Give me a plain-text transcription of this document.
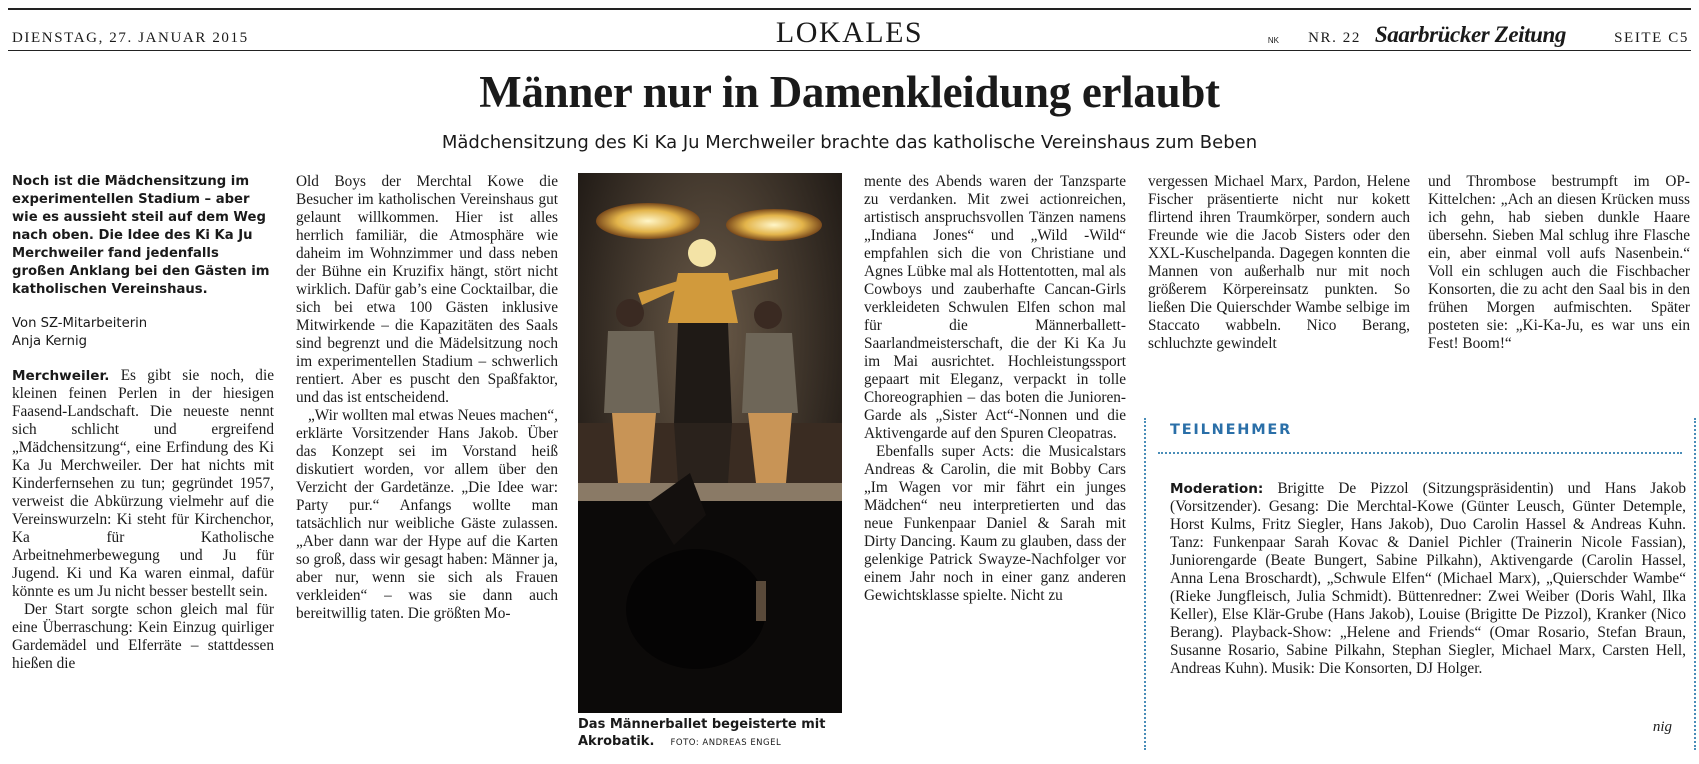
DIENSTAG, 27. JANUAR 2015	LOKALES	NK NR. 22 Saarbrücker Zeitung	SEITE C5
Männer nur in Damenkleidung erlaubt

Mädchensitzung des Ki Ka Ju Merchweiler brachte das katholische Vereinshaus zum Beben

Noch ist die Mädchensitzung im experimentellen Stadium – aber wie es aussieht steil auf dem Weg nach oben. Die Idee des Ki Ka Ju Merchweiler fand jedenfalls großen Anklang bei den Gästen im katholischen Vereinshaus.

Von SZ-Mitarbeiterin
Anja Kernig

Merchweiler. Es gibt sie noch, die kleinen feinen Perlen in der hiesigen Faasend-Landschaft. Die neueste nennt sich schlicht und ergreifend „Mädchensitzung“, eine Erfindung des Ki Ka Ju Merchweiler. Der hat nichts mit Kinderfernsehen zu tun; gegründet 1957, verweist die Abkürzung vielmehr auf die Vereinswurzeln: Ki steht für Kirchenchor, Ka für Katholische Arbeitnehmerbewegung und Ju für Jugend. Ki und Ka waren einmal, dafür könnte es um Ju nicht besser bestellt sein.

Der Start sorgte schon gleich mal für eine Überraschung: Kein Einzug quirliger Gardemädel und Elferräte – stattdessen hießen die

Old Boys der Merchtal Kowe die Besucher im katholischen Vereinshaus gut gelaunt willkommen. Hier ist alles herrlich familiär, die Atmosphäre wie daheim im Wohnzimmer und dass neben der Bühne ein Kruzifix hängt, stört nicht wirklich. Dafür gab’s eine Cocktailbar, die sich bei etwa 100 Gästen inklusive Mitwirkende – die Kapazitäten des Saals sind begrenzt und die Mädelsitzung noch im experimentellen Stadium – schwerlich rentiert. Aber es puscht den Spaßfaktor, und das ist entscheidend.

„Wir wollten mal etwas Neues machen“, erklärte Vorsitzender Hans Jakob. Über das Konzept sei im Vorstand heiß diskutiert worden, vor allem über den Verzicht der Gardetänze. „Die Idee war: Party pur.“ Anfangs wollte man tatsächlich nur weibliche Gäste zulassen. „Aber dann war der Hype auf die Karten so groß, dass wir gesagt haben: Männer ja, aber nur, wenn sie sich als Frauen verkleiden“ – was sie dann auch bereitwillig taten. Die größten Mo-

Das Männerballet begeisterte mit Akrobatik. FOTO: ANDREAS ENGEL

mente des Abends waren der Tanzsparte zu verdanken. Mit zwei actionreichen, artistisch anspruchsvollen Tänzen namens „Indiana Jones“ und „Wild -Wild“ empfahlen sich die von Christiane und Agnes Lübke mal als Hottentotten, mal als Cowboys und zauberhafte Cancan-Girls verkleideten Schwulen Elfen schon mal für die Männerballett-Saarlandmeisterschaft, die der Ki Ka Ju im Mai ausrichtet. Hochleistungssport gepaart mit Eleganz, verpackt in tolle Choreographien – das boten die Junioren-Garde als „Sister Act“-Nonnen und die Aktivengarde auf den Spuren Cleopatras.

Ebenfalls super Acts: die Musicalstars Andreas & Carolin, die mit Bobby Cars „Im Wagen vor mir fährt ein junges Mädchen“ neu interpretierten und das neue Funkenpaar Daniel & Sarah mit Dirty Dancing. Kaum zu glauben, dass der gelenkige Patrick Swayze-Nachfolger vor einem Jahr noch in einer ganz anderen Gewichtsklasse spielte. Nicht zu

vergessen Michael Marx, Pardon, Helene Fischer präsentierte nicht nur kokett flirtend ihren Traumkörper, sondern auch Freunde wie die Jacob Sisters oder den XXL-Kuschelpanda. Dagegen konnten die Mannen von außerhalb nur mit noch größerem Körpereinsatz punkten. So ließen Die Quierschder Wambe selbige im Staccato wabbeln. Nico Berang, schluchzte gewindelt

und Thrombose bestrumpft im OP-Kittelchen: „Ach an diesen Krücken muss ich gehn, hab sieben dunkle Haare übersehn. Sieben Mal schlug ihre Flasche ein, aber einmal voll aufs Nasenbein.“ Voll ein schlugen auch die Fischbacher Konsorten, die zu acht den Saal bis in den frühen Morgen aufmischten. Später posteten sie: „Ki-Ka-Ju, es war uns ein Fest! Boom!“

TEILNEHMER

Moderation: Brigitte De Pizzol (Sitzungspräsidentin) und Hans Jakob (Vorsitzender). Gesang: Die Merchtal-Kowe (Günter Leusch, Günter Detemple, Horst Kulms, Fritz Siegler, Hans Jakob), Duo Carolin Hassel & Andreas Kuhn. Tanz: Funkenpaar Sarah Kovac & Daniel Pichler (Trainerin Nicole Fassian), Juniorengarde (Beate Bungert, Sabine Pilkahn), Aktivengarde (Carolin Hassel, Anna Lena Broschardt), „Schwule Elfen“ (Michael Marx), „Quierschder Wambe“ (Rieke Jungfleisch, Julia Schmidt). Büttenredner: Zwei Weiber (Doris Wahl, Ilka Keller), Else Klär-Grube (Hans Jakob), Louise (Brigitte De Pizzol), Kranker (Nico Berang). Playback-Show: „Helene and Friends“ (Omar Rosario, Stefan Braun, Susanne Rosario, Sabine Pilkahn, Stephan Siegler, Michael Marx, Carsten Hell, Andreas Kuhn). Musik: Die Konsorten, DJ Holger.

nig
